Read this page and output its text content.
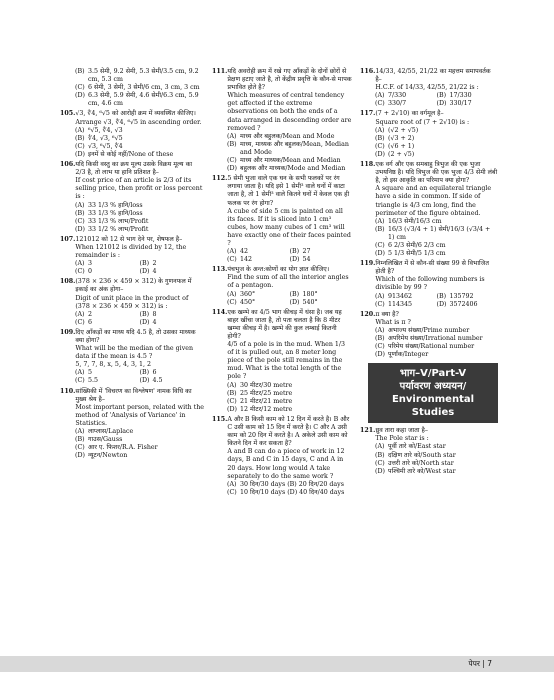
(B) 3.5 सेमी, 9.2 सेमी, 5.3 सेमी/3.5 cm, 9.2 cm, 5.3 cm
(C) 6 सेमी, 3 सेमी, 3 सेमी/6 cm, 3 cm, 3 cm
(D) 6.3 सेमी, 5.9 सेमी, 4.6 सेमी/6.3 cm, 5.9 cm, 4.6 cm
105. √3, ∜4, ⁶√5 को आरोही क्रम में व्यवस्थित कीजिए।
Arrange √3, ∜4, ⁶√5 in ascending order.
(A) ⁶√5, ∜4, √3
(B) ∜4, √3, ⁶√5
(C) √3, ⁶√5, ∜4
(D) इनमें से कोई नहीं/None of these
106. यदि किसी वस्तु का क्रय मूल्य उसके विक्रय मूल्य का 2/3 है, तो लाभ या हानि प्रतिशत है–
If cost price of an article is 2/3 of its selling price, then profit or loss percent is :
(A) 33 1/3 % हानि/loss
(B) 33 1/3 % हानि/loss
(C) 33 1/3 % लाभ/Profit
(D) 33 1/2 % लाभ/Profit
107. 121012 को 12 से भाग देने पर, शेषफल है–
When 121012 is divided by 12, the remainder is :
(A) 3	(B) 2
(C) 0	(D) 4
108. (378 × 236 × 459 × 312) के गुणनफल में इकाई का अंक होगा–
Digit of unit place in the product of (378 × 236 × 459 × 312) is :
(A) 2	(B) 8
(C) 6	(D) 4
109. दिए आँकड़ों का माध्य यदि 4.5 है, तो उसका माध्यक क्या होगा?
What will be the median of the given data if the mean is 4.5 ?
5, 7, 7, 8, x, 5, 4, 3, 1, 2
(A) 5	(B) 6
(C) 5.5	(D) 4.5
110. सांख्यिकी में 'विचरण का विश्लेषण' नामक विधि का मुख्य श्रेय है–
Most important person, related with the method of 'Analysis of Variance' in Statistics.
(A) लाप्लास/Laplace
(B) गाउस/Gauss
(C) आर ए. फिशर/R.A. Fisher
(D) न्यूटन/Newton
111. यदि अवरोही क्रम में रखे गए आँकड़ों के दोनों छोरों से प्रेक्षण हटाए जाते है, तो केंद्रीय प्रवृत्ति के कौन-से मापक प्रभावित होते है?
Which measures of central tendency get affected if the extreme observations on both the ends of a data arranged in descending order are removed ?
(A) माध्य और बहुलक/Mean and Mode
(B) माध्य, माध्यक और बहुलक/Mean, Median and Mode
(C) माध्य और माध्यक/Mean and Median
(D) बहुलक और माध्यक/Mode and Median
112. 5 सेमी भुजा वाले एक घन के सभी फलकों पर रंग लगाया जाता है। यदि इसे 1 सेमी³ वाले घनों में काटा जाता है, तो 1 सेमी³ वाले कितने घनों में केवल एक ही फलक पर रंग होगा?
A cube of side 5 cm is painted on all its faces. If it is sliced into 1 cm³ cubes, how many cubes of 1 cm³ will have exactly one of their faces painted ?
(A) 42	(B) 27
(C) 142	(D) 54
113. पंचभुज के अन्त:कोणों का योग ज्ञात कीजिए।
Find the sum of all the interior angles of a pentagon.
(A) 360°	(B) 180°
(C) 450°	(D) 540°
114. एक खम्भे का 4/5 भाग कीचड़ में धंसा है। जब यह बाहर खींचा जाता है, तो पता चलता है कि 8 मीटर खम्भा कीचड़ में है। खम्भे की कुल लम्बाई कितनी होगी?
4/5 of a pole is in the mud. When 1/3 of it is pulled out, an 8 meter long piece of the pole still remains in the mud. What is the total length of the pole ?
(A) 30 मीटर/30 metre
(B) 25 मीटर/25 metre
(C) 21 मीटर/21 metre
(D) 12 मीटर/12 metre
115. A और B किसी काम को 12 दिन में करते है। B और C उसी काम को 15 दिन में करते है। C और A उसी काम को 20 दिन में करते है। A अकेले उसी काम को कितने दिन में कर सकता है?
A and B can do a piece of work in 12 days, B and C in 15 days, C and A in 20 days. How long would A take separately to do the same work ?
(A) 30 दिन/30 days (B) 20 दिन/20 days
(C) 10 दिन/10 days (D) 40 दिन/40 days
116. 14/33, 42/55, 21/22 का महत्तम समापवर्तक है–
H.C.F. of 14/33, 42/55, 21/22 is :
(A) 7/330	(B) 17/330
(C) 330/7	(D) 330/17
117. (7 + 2√10) का वर्गमूल है–
Square root of (7 + 2√10) is :
(A) (√2 + √5)
(B) (√3 + 2)
(C) (√6 + 1)
(D) (2 + √5)
118. एक वर्ग और एक समबाहु त्रिभुज की एक भुजा उभयनिष्ठ है। यदि त्रिभुज की एक भुजा 4/3 सेमी लंबी है, तो इस आकृति का परिमाप क्या होगा?
A square and an equilateral triangle have a side in common. If side of triangle is 4/3 cm long, find the perimeter of the figure obtained.
(A) 16/3 सेमी/16/3 cm
(B) 16/3 (√3/4 + 1) सेमी/16/3 (√3/4 + 1) cm
(C) 6 2/3 सेमी/6 2/3 cm
(D) 5 1/3 सेमी/5 1/3 cm
119. निम्नलिखित में से कौन-सी संख्या 99 से विभाजित होती है?
Which of the following numbers is divisible by 99 ?
(A) 913462	(B) 135792
(C) 114345	(D) 3572406
120. π क्या है?
What is π ?
(A) अभाज्य संख्या/Prime number
(B) अपरिमेय संख्या/Irrational number
(C) परिमेय संख्या/Rational number
(D) पूर्णांक/Integer
भाग–V/Part-V
पर्यावरण अध्ययन/
Environmental Studies
121. ध्रुव तारा कहा जाता है–
The Pole star is :
(A) पूर्वी तारे को/East star
(B) दक्षिण तारे को/South star
(C) उत्तरी तारे को/North star
(D) पश्चिमी तारे को/West star
पेपर | 7
